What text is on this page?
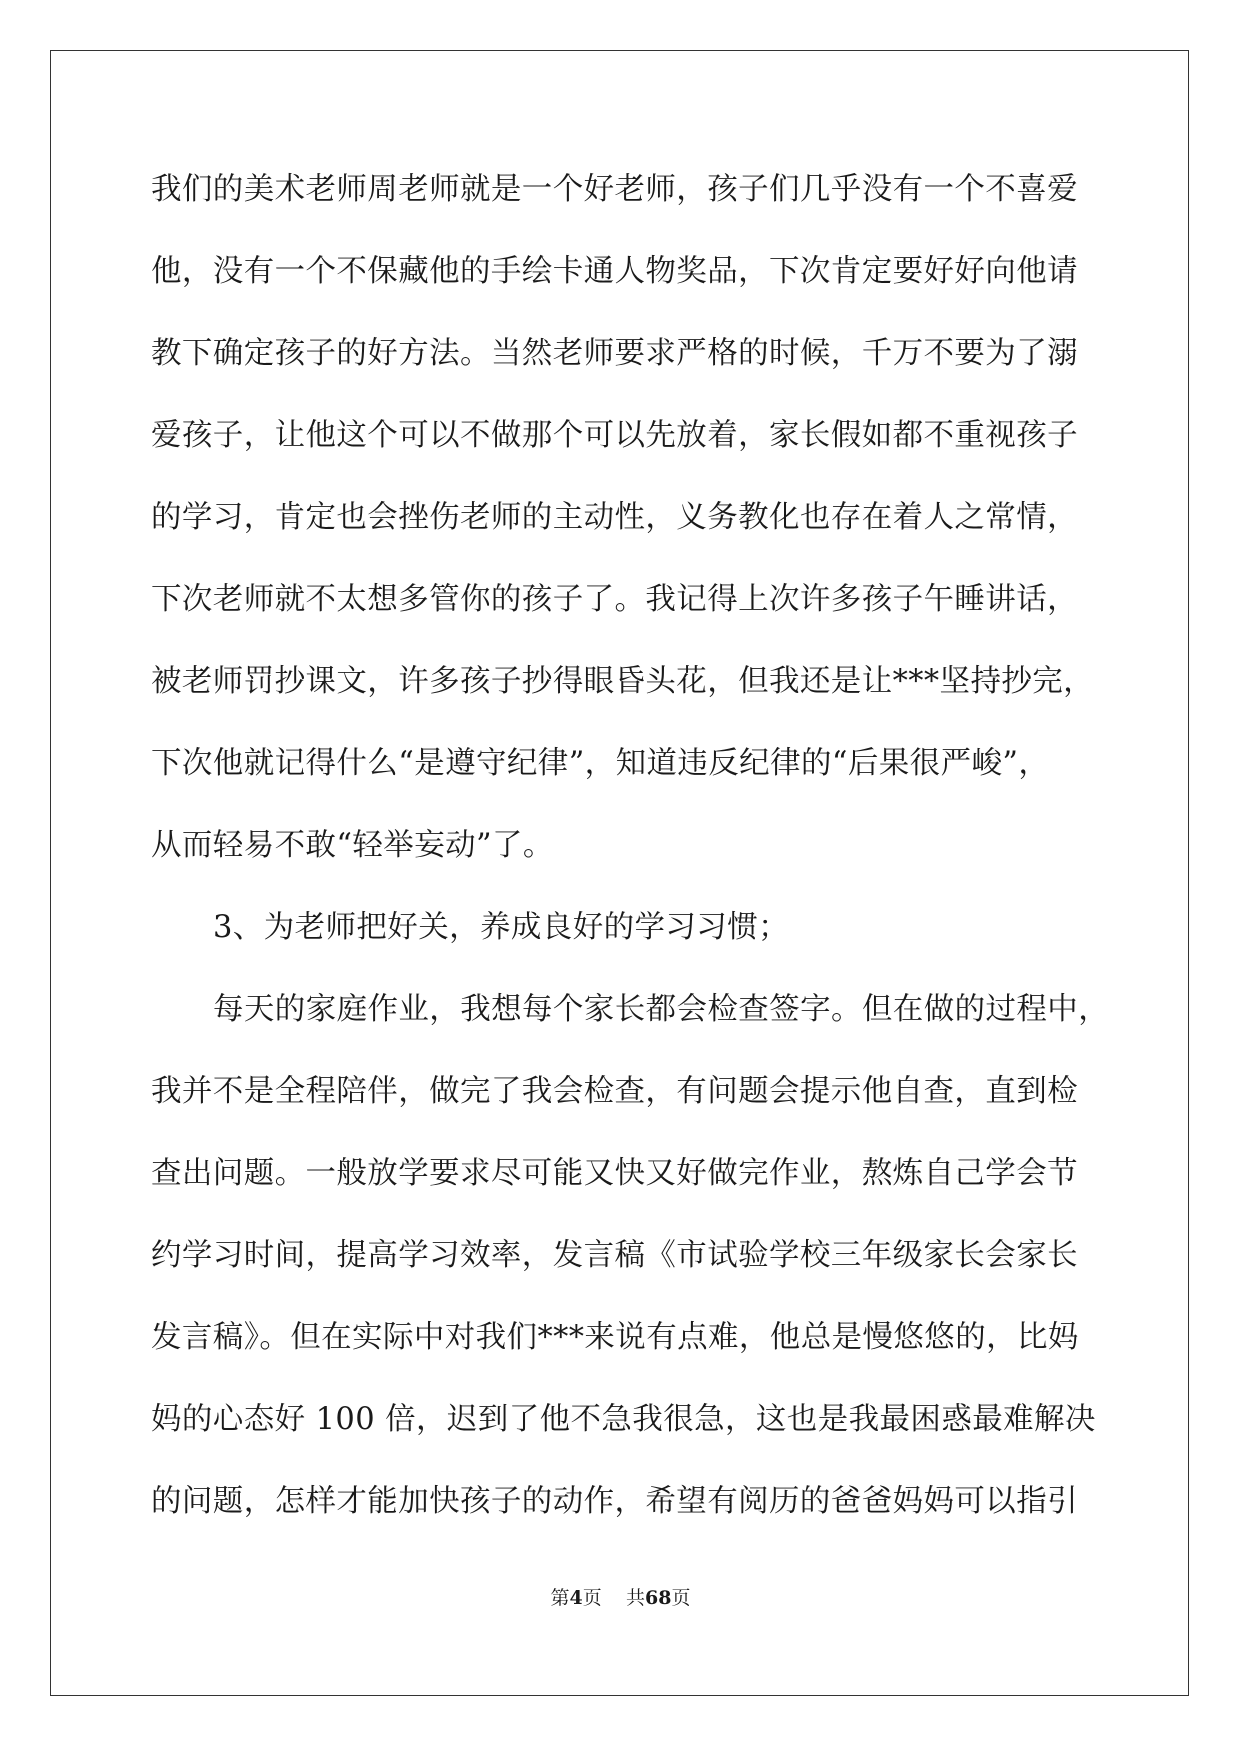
我们的美术老师周老师就是一个好老师，孩子们几乎没有一个不喜爱
他，没有一个不保藏他的手绘卡通人物奖品，下次肯定要好好向他请
教下确定孩子的好方法。当然老师要求严格的时候，千万不要为了溺
爱孩子，让他这个可以不做那个可以先放着，家长假如都不重视孩子
的学习，肯定也会挫伤老师的主动性，义务教化也存在着人之常情，
下次老师就不太想多管你的孩子了。我记得上次许多孩子午睡讲话，
被老师罚抄课文，许多孩子抄得眼昏头花，但我还是让***坚持抄完，
下次他就记得什么“是遵守纪律”，知道违反纪律的“后果很严峻”，
从而轻易不敢“轻举妄动”了。
3、为老师把好关，养成良好的学习习惯；
每天的家庭作业，我想每个家长都会检查签字。但在做的过程中，
我并不是全程陪伴，做完了我会检查，有问题会提示他自查，直到检
查出问题。一般放学要求尽可能又快又好做完作业，熬炼自己学会节
约学习时间，提高学习效率，发言稿《市试验学校三年级家长会家长
发言稿》。但在实际中对我们***来说有点难，他总是慢悠悠的，比妈
妈的心态好 100 倍，迟到了他不急我很急，这也是我最困惑最难解决
的问题，怎样才能加快孩子的动作，希望有阅历的爸爸妈妈可以指引
第4页 共68页
